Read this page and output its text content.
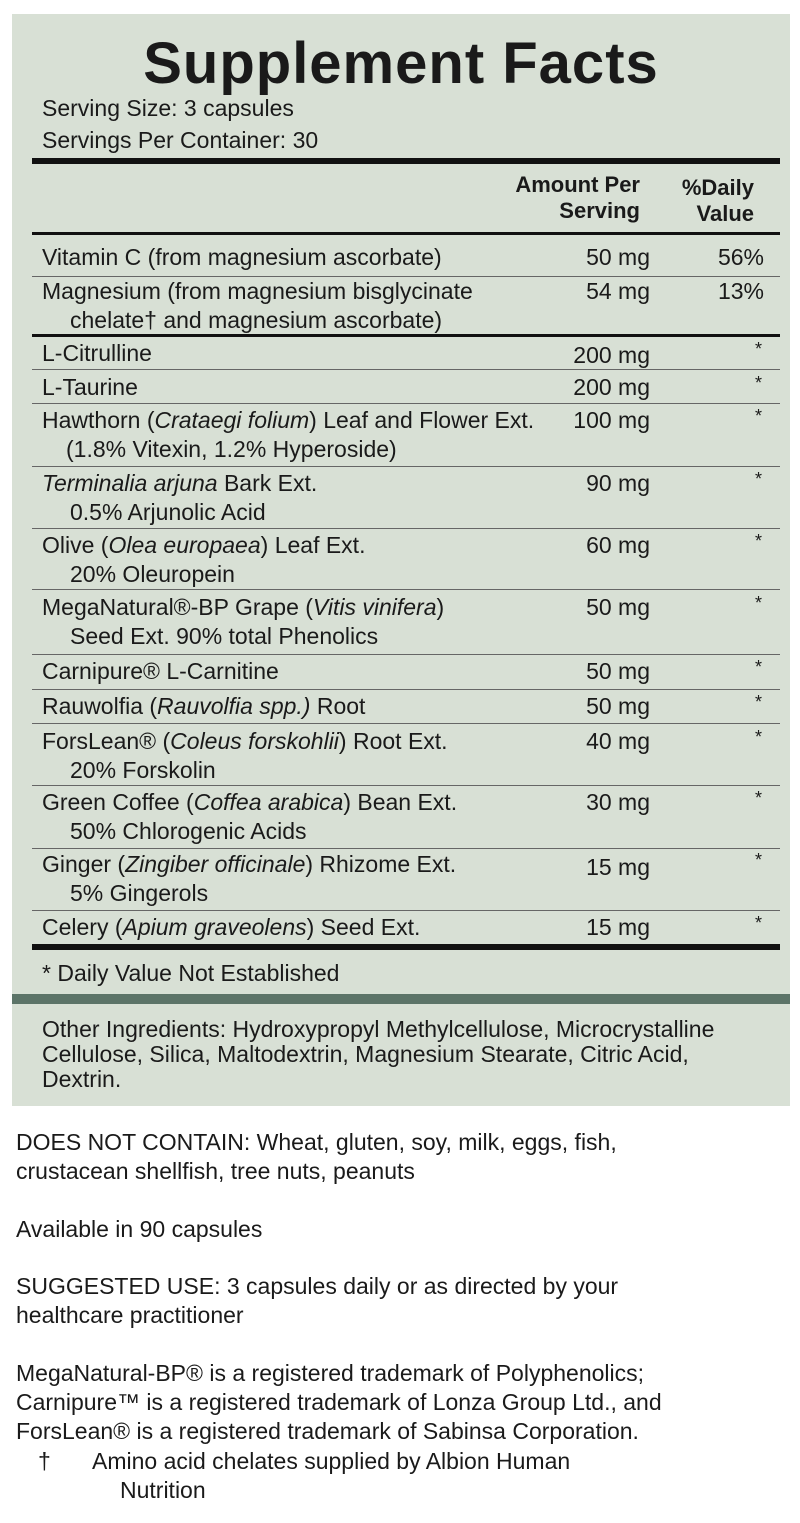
Supplement Facts
Serving Size: 3 capsules
Servings Per Container: 30
Amount Per
Serving
%Daily
Value
Vitamin C (from magnesium ascorbate)	50 mg	56%
Magnesium (from magnesium bisglycinate
chelate† and magnesium ascorbate)
54 mg	13%
L-Citrulline	200 mg	*
L-Taurine	200 mg	*
Hawthorn (Crataegi folium) Leaf and Flower Ext.
(1.8% Vitexin, 1.2% Hyperoside)
100 mg	*
Terminalia arjuna Bark Ext.
0.5% Arjunolic Acid
90 mg	*
Olive (Olea europaea) Leaf Ext.
20% Oleuropein
60 mg	*
MegaNatural®-BP Grape (Vitis vinifera)
Seed Ext. 90% total Phenolics
50 mg	*
Carnipure® L-Carnitine	50 mg	*
Rauwolfia (Rauvolfia spp.) Root	50 mg	*
ForsLean® (Coleus forskohlii) Root Ext.
20% Forskolin
40 mg	*
Green Coffee (Coffea arabica) Bean Ext.
50% Chlorogenic Acids
30 mg	*
Ginger (Zingiber officinale) Rhizome Ext.
5% Gingerols
15 mg	*
Celery (Apium graveolens) Seed Ext.	15 mg	*
* Daily Value Not Established
Other Ingredients: Hydroxypropyl Methylcellulose, Microcrystalline Cellulose, Silica, Maltodextrin, Magnesium Stearate, Citric Acid, Dextrin.
DOES NOT CONTAIN: Wheat, gluten, soy, milk, eggs, fish,
crustacean shellfish, tree nuts, peanuts
Available in 90 capsules
SUGGESTED USE: 3 capsules daily or as directed by your
healthcare practitioner
MegaNatural-BP® is a registered trademark of Polyphenolics;
Carnipure™ is a registered trademark of Lonza Group Ltd., and
ForsLean® is a registered trademark of Sabinsa Corporation.
† Amino acid chelates supplied by Albion Human
Nutrition
